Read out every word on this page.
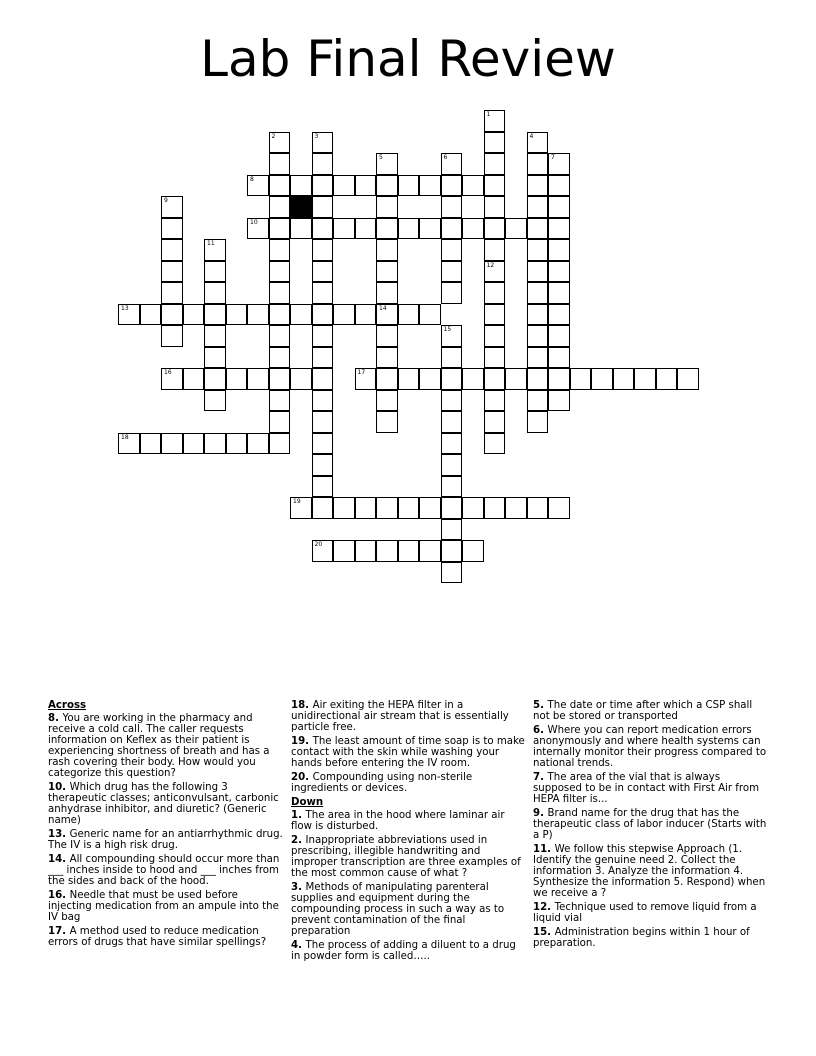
Lab Final Review
1
12
2	3	4
5
14
6	7
8
9
10
11
13
15
16	17
18
19
20
Across
8. You are working in the pharmacy and receive a cold call. The caller requests information on Keflex as their patient is experiencing shortness of breath and has a rash covering their body. How would you categorize this question?
10. Which drug has the following 3 therapeutic classes; anticonvulsant, carbonic anhydrase inhibitor, and diuretic? (Generic name)
13. Generic name for an antiarrhythmic drug. The IV is a high risk drug.
14. All compounding should occur more than ___ inches inside to hood and ___ inches from the sides and back of the hood.
16. Needle that must be used before injecting medication from an ampule into the IV bag
17. A method used to reduce medication errors of drugs that have similar spellings?
18. Air exiting the HEPA filter in a unidirectional air stream that is essentially particle free.
19. The least amount of time soap is to make contact with the skin while washing your hands before entering the IV room.
20. Compounding using non-sterile ingredients or devices.
Down
1. The area in the hood where laminar air flow is disturbed.
2. Inappropriate abbreviations used in prescribing, illegible handwriting and improper transcription are three examples of the most common cause of what ?
3. Methods of manipulating parenteral supplies and equipment during the compounding process in such a way as to prevent contamination of the final preparation
4. The process of adding a diluent to a drug in powder form is called…..
5. The date or time after which a CSP shall not be stored or transported
6. Where you can report medication errors anonymously and where health systems can internally monitor their progress compared to national trends.
7. The area of the vial that is always supposed to be in contact with First Air from HEPA filter is...
9. Brand name for the drug that has the therapeutic class of labor inducer (Starts with a P)
11. We follow this stepwise Approach (1. Identify the genuine need 2. Collect the information 3. Analyze the information 4. Synthesize the information 5. Respond) when we receive a ?
12. Technique used to remove liquid from a liquid vial
15. Administration begins within 1 hour of preparation.
